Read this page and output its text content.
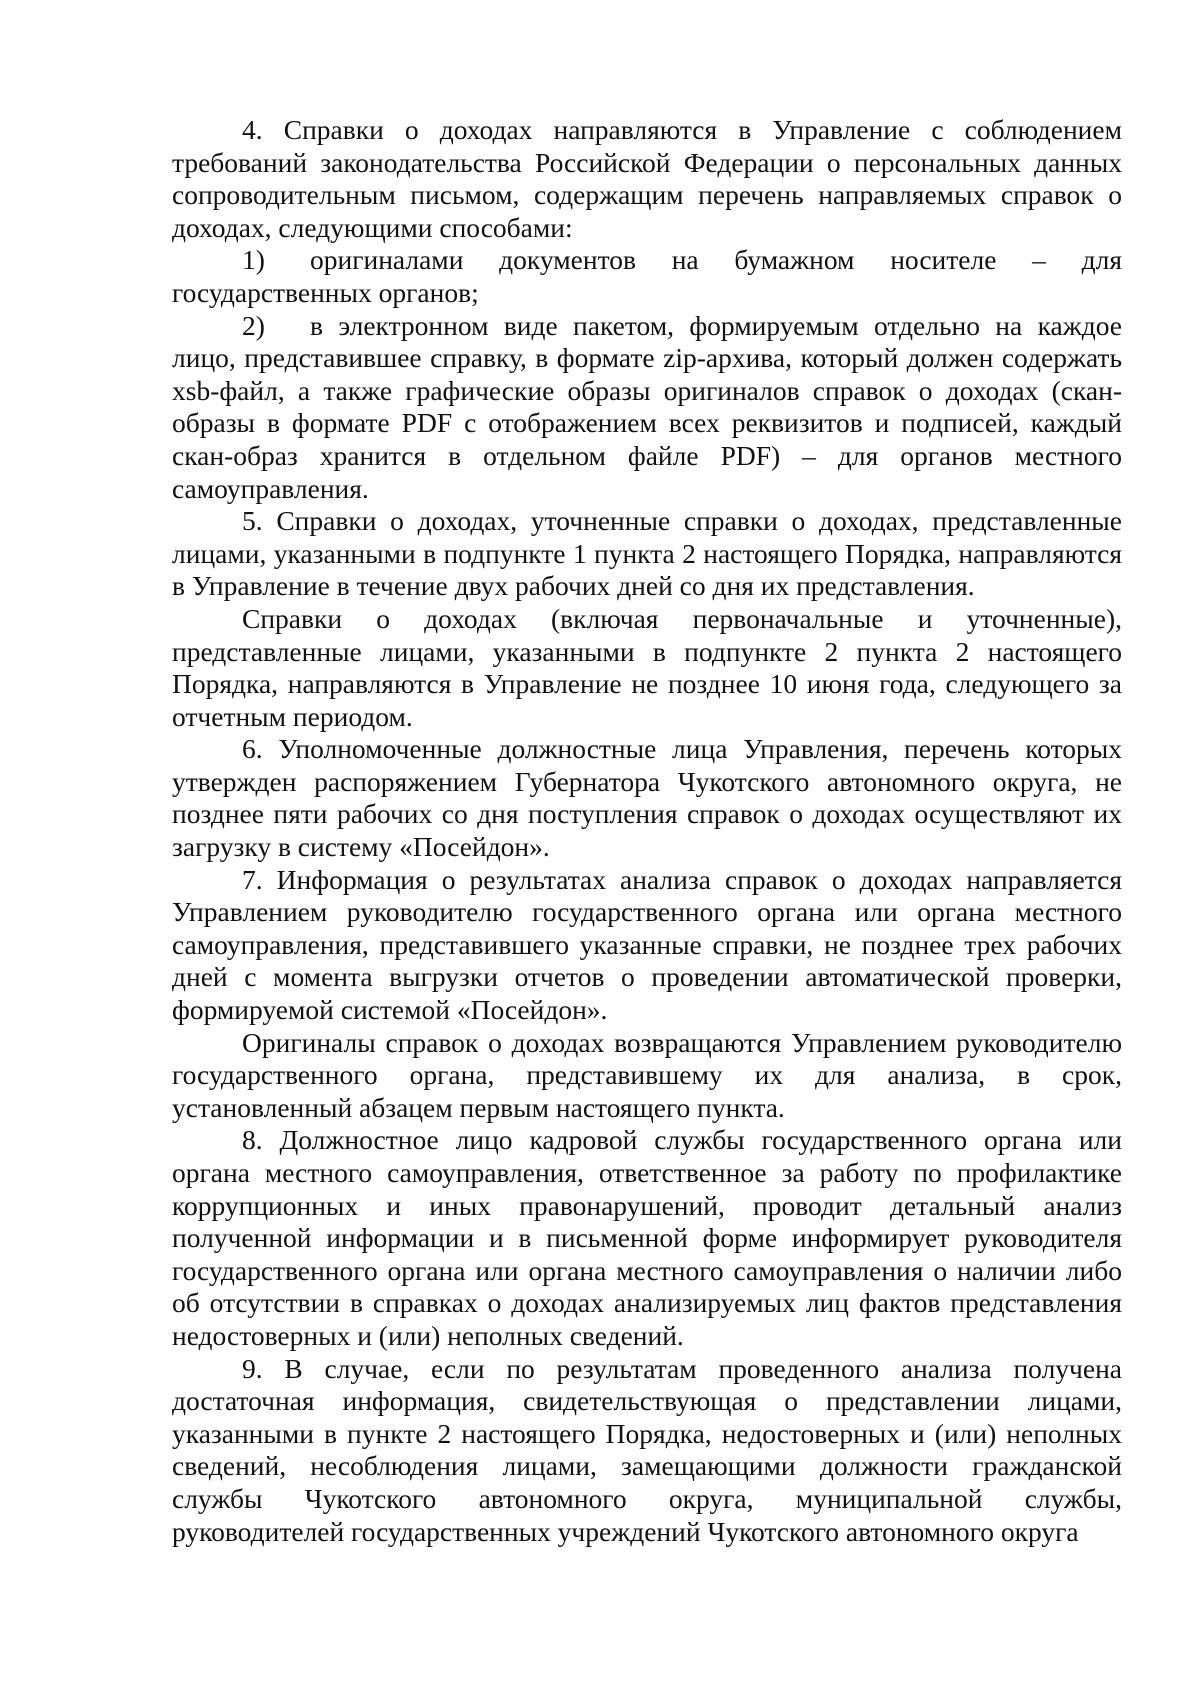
4. Справки о доходах направляются в Управление с соблюдением требований законодательства Российской Федерации о персональных данных сопроводительным письмом, содержащим перечень направляемых справок о доходах, следующими способами:

1) оригиналами документов на бумажном носителе – для государственных органов;

2) в электронном виде пакетом, формируемым отдельно на каждое лицо, представившее справку, в формате zip-архива, который должен содержать xsb-файл, а также графические образы оригиналов справок о доходах (скан-образы в формате PDF с отображением всех реквизитов и подписей, каждый скан-образ хранится в отдельном файле PDF) – для органов местного самоуправления.

5. Справки о доходах, уточненные справки о доходах, представленные лицами, указанными в подпункте 1 пункта 2 настоящего Порядка, направляются в Управление в течение двух рабочих дней со дня их представления.

Справки о доходах (включая первоначальные и уточненные), представленные лицами, указанными в подпункте 2 пункта 2 настоящего Порядка, направляются в Управление не позднее 10 июня года, следующего за отчетным периодом.

6. Уполномоченные должностные лица Управления, перечень которых утвержден распоряжением Губернатора Чукотского автономного округа, не позднее пяти рабочих со дня поступления справок о доходах осуществляют их загрузку в систему «Посейдон».

7. Информация о результатах анализа справок о доходах направляется Управлением руководителю государственного органа или органа местного самоуправления, представившего указанные справки, не позднее трех рабочих дней с момента выгрузки отчетов о проведении автоматической проверки, формируемой системой «Посейдон».

Оригиналы справок о доходах возвращаются Управлением руководителю государственного органа, представившему их для анализа, в срок, установленный абзацем первым настоящего пункта.

8. Должностное лицо кадровой службы государственного органа или органа местного самоуправления, ответственное за работу по профилактике коррупционных и иных правонарушений, проводит детальный анализ полученной информации и в письменной форме информирует руководителя государственного органа или органа местного самоуправления о наличии либо об отсутствии в справках о доходах анализируемых лиц фактов представления недостоверных и (или) неполных сведений.

9. В случае, если по результатам проведенного анализа получена достаточная информация, свидетельствующая о представлении лицами, указанными в пункте 2 настоящего Порядка, недостоверных и (или) неполных сведений, несоблюдения лицами, замещающими должности гражданской службы Чукотского автономного округа, муниципальной службы, руководителей государственных учреждений Чукотского автономного округа
